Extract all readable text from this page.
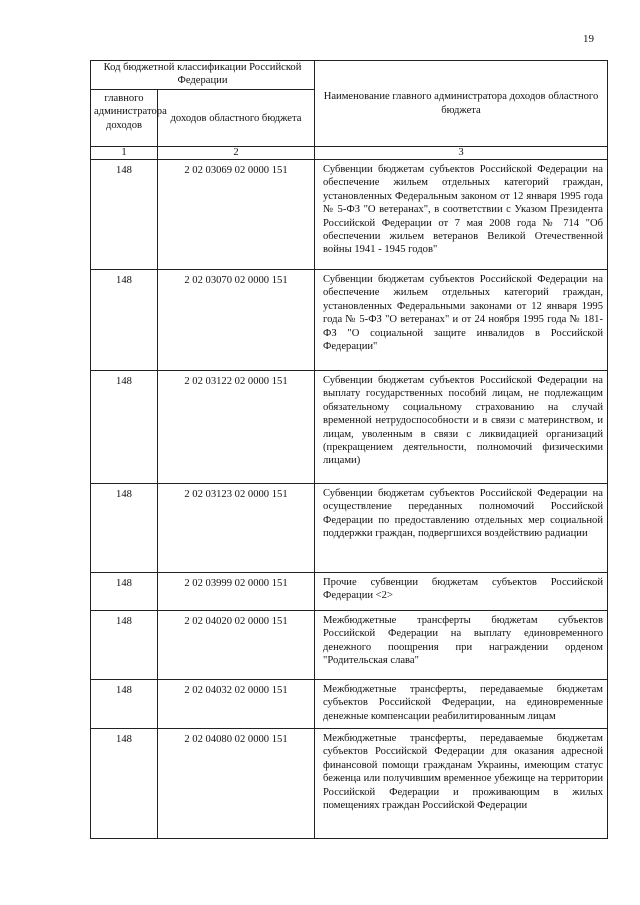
19
Код бюджетной классификации Российской Федерации		Наименование главного администратора доходов областного бюджета
главного администратора доходов	доходов областного бюджета	
1	2	3
148	2 02 03069 02 0000 151	Субвенции бюджетам субъектов Российской Федерации на обеспечение жильем отдельных категорий граждан, установленных Федеральным законом от 12 января 1995 года № 5-ФЗ "О ветеранах", в соответствии с Указом Президента Российской Федерации от 7 мая 2008 года № 714 "Об обеспечении жильем ветеранов Великой Отечественной войны 1941 - 1945 годов"
148	2 02 03070 02 0000 151	Субвенции бюджетам субъектов Российской Федерации на обеспечение жильем отдельных категорий граждан, установленных Федеральными законами от 12 января 1995 года № 5-ФЗ "О ветеранах" и от 24 ноября 1995 года № 181-ФЗ "О социальной защите инвалидов в Российской Федерации"
148	2 02 03122 02 0000 151	Субвенции бюджетам субъектов Российской Федерации на выплату государственных пособий лицам, не подлежащим обязательному социальному страхованию на случай временной нетрудоспособности и в связи с материнством, и лицам, уволенным в связи с ликвидацией организаций (прекращением деятельности, полномочий физическими лицами)
148	2 02 03123 02 0000 151	Субвенции бюджетам субъектов Российской Федерации на осуществление переданных полномочий Российской Федерации по предоставлению отдельных мер социальной поддержки граждан, подвергшихся воздействию радиации
148	2 02 03999 02 0000 151	Прочие субвенции бюджетам субъектов Российской Федерации <2>
148	2 02 04020 02 0000 151	Межбюджетные трансферты бюджетам субъектов Российской Федерации на выплату единовременного денежного поощрения при награждении орденом "Родительская слава"
148	2 02 04032 02 0000 151	Межбюджетные трансферты, передаваемые бюджетам субъектов Российской Федерации, на единовременные денежные компенсации реабилитированным лицам
148	2 02 04080 02 0000 151	Межбюджетные трансферты, передаваемые бюджетам субъектов Российской Федерации для оказания адресной финансовой помощи гражданам Украины, имеющим статус беженца или получившим временное убежище на территории Российской Федерации и проживающим в жилых помещениях граждан Российской Федерации
